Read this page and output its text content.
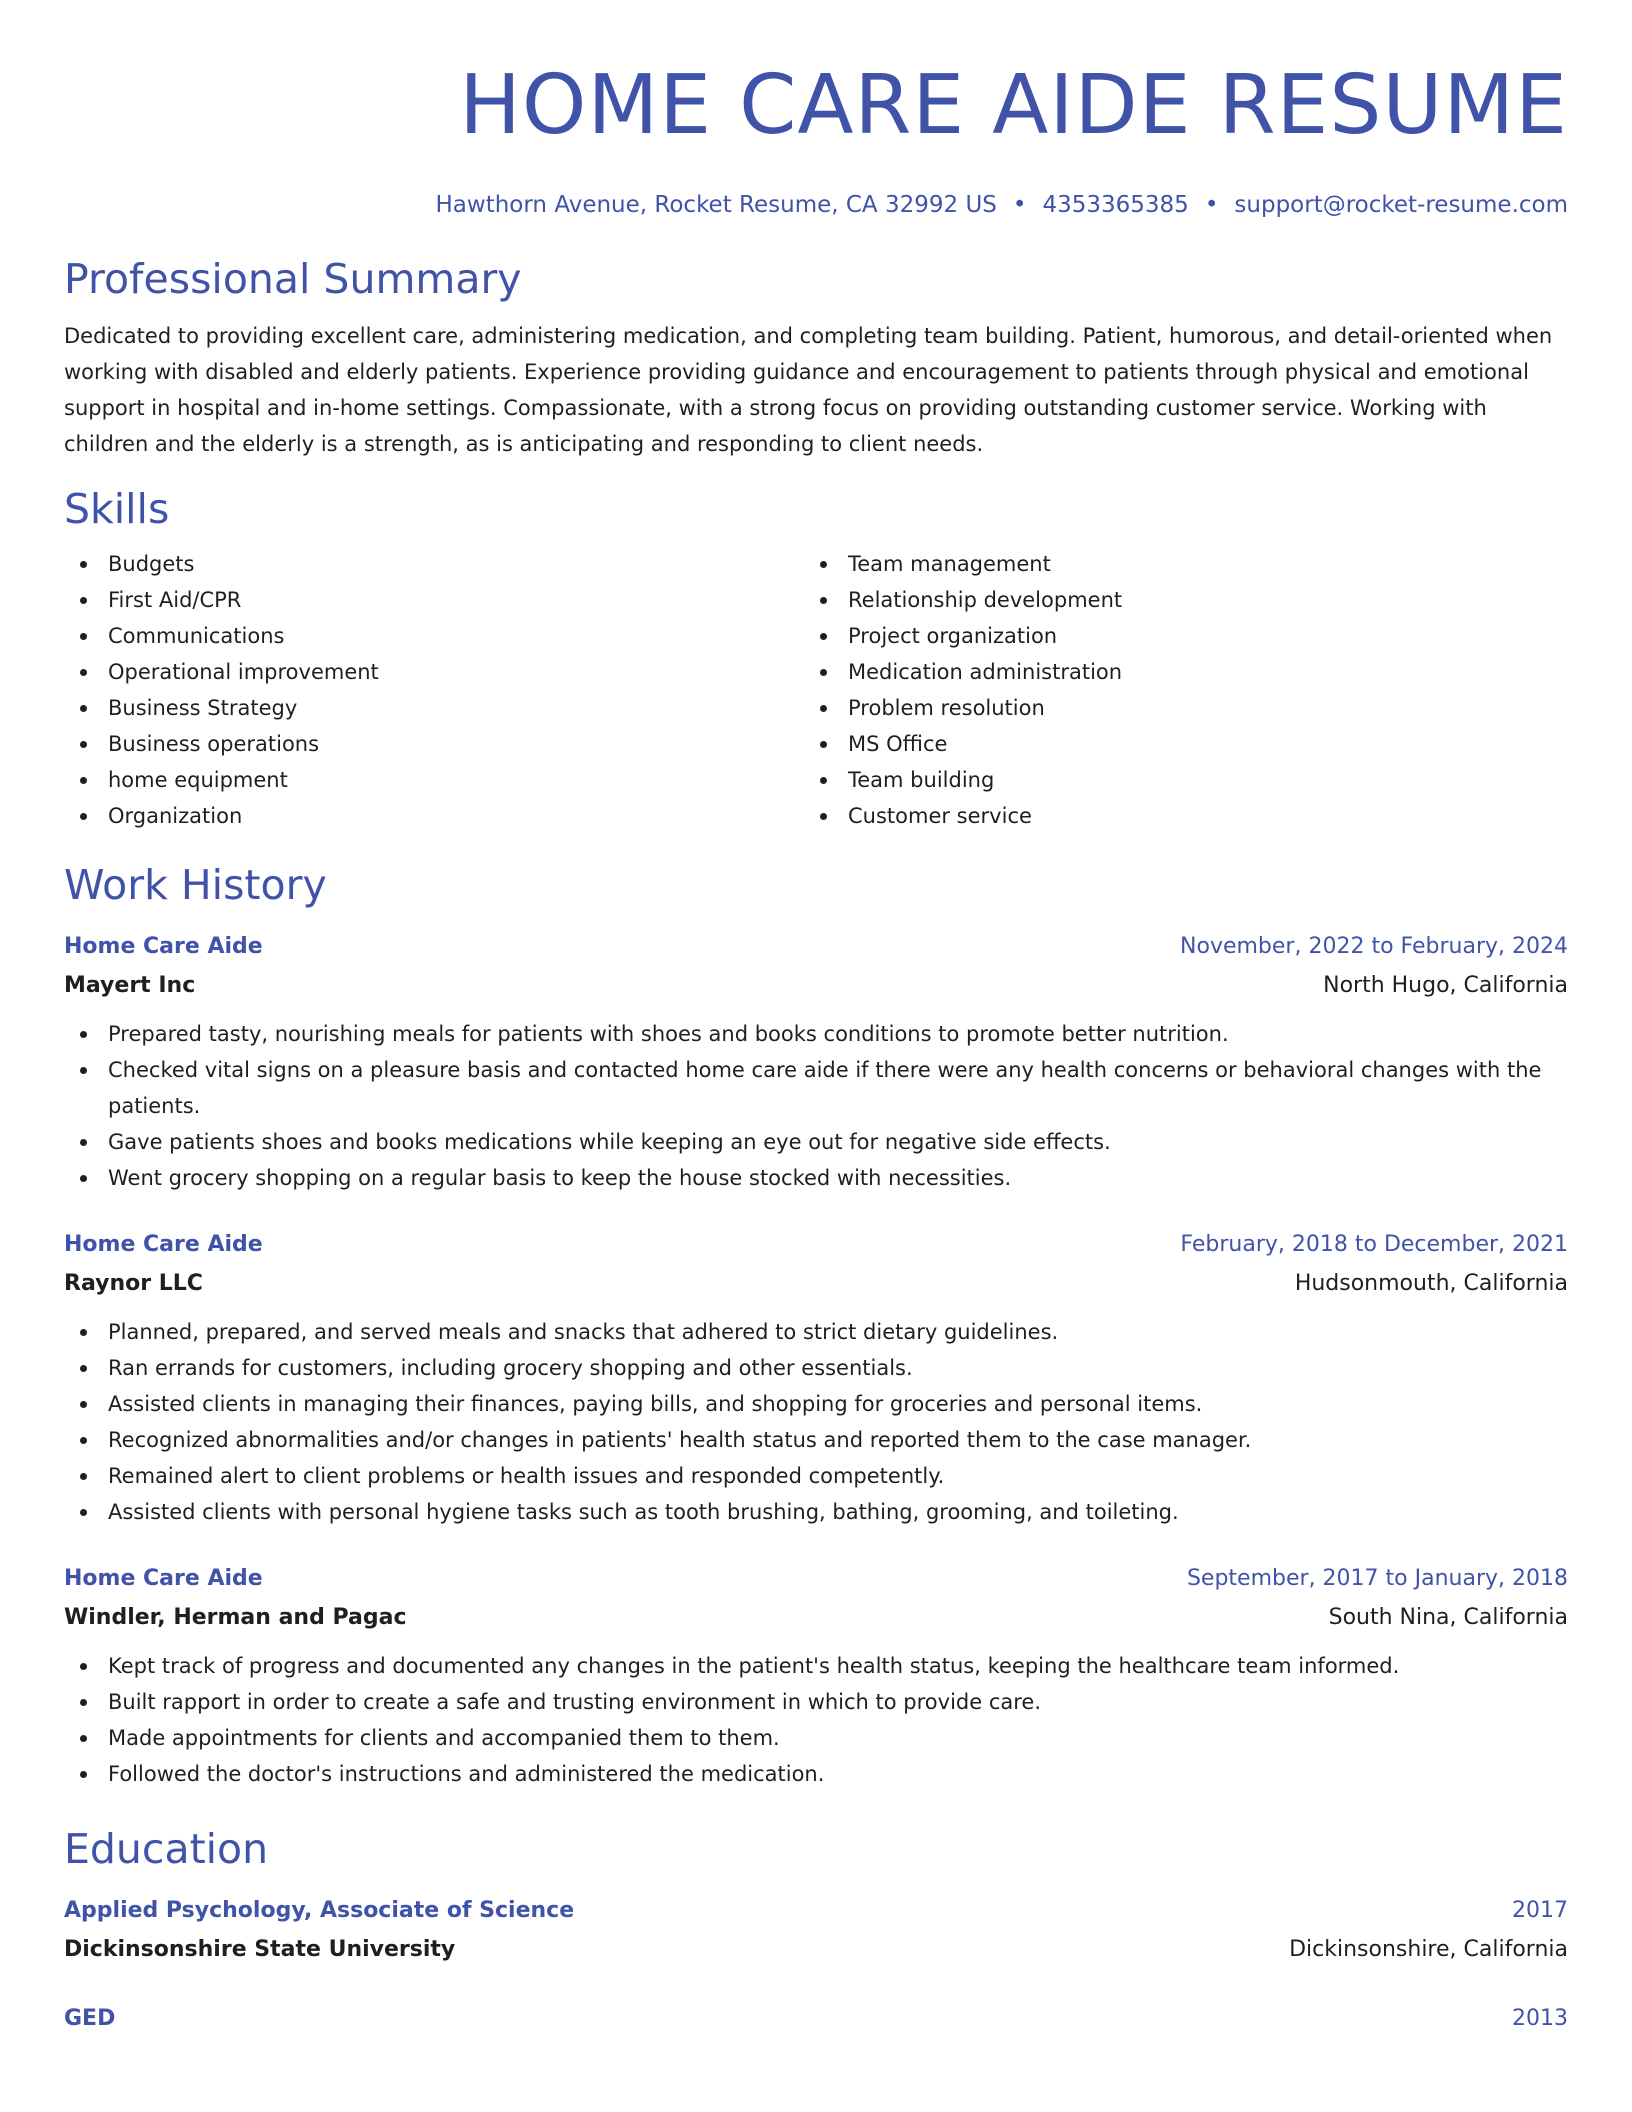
HOME CARE AIDE RESUME
Hawthorn Avenue, Rocket Resume, CA 32992 US • 4353365385 • support@rocket-resume.com
Professional Summary
Dedicated to providing excellent care, administering medication, and completing team building. Patient, humorous, and detail-oriented when working with disabled and elderly patients. Experience providing guidance and encouragement to patients through physical and emotional support in hospital and in-home settings. Compassionate, with a strong focus on providing outstanding customer service. Working with children and the elderly is a strength, as is anticipating and responding to client needs.
Skills
Budgets
First Aid/CPR
Communications
Operational improvement
Business Strategy
Business operations
home equipment
Organization
Team management
Relationship development
Project organization
Medication administration
Problem resolution
MS Office
Team building
Customer service
Work History
Home Care Aide	November, 2022 to February, 2024
Mayert Inc	North Hugo, California
Prepared tasty, nourishing meals for patients with shoes and books conditions to promote better nutrition.
Checked vital signs on a pleasure basis and contacted home care aide if there were any health concerns or behavioral changes with the patients.
Gave patients shoes and books medications while keeping an eye out for negative side effects.
Went grocery shopping on a regular basis to keep the house stocked with necessities.
Home Care Aide	February, 2018 to December, 2021
Raynor LLC	Hudsonmouth, California
Planned, prepared, and served meals and snacks that adhered to strict dietary guidelines.
Ran errands for customers, including grocery shopping and other essentials.
Assisted clients in managing their finances, paying bills, and shopping for groceries and personal items.
Recognized abnormalities and/or changes in patients' health status and reported them to the case manager.
Remained alert to client problems or health issues and responded competently.
Assisted clients with personal hygiene tasks such as tooth brushing, bathing, grooming, and toileting.
Home Care Aide	September, 2017 to January, 2018
Windler, Herman and Pagac	South Nina, California
Kept track of progress and documented any changes in the patient's health status, keeping the healthcare team informed.
Built rapport in order to create a safe and trusting environment in which to provide care.
Made appointments for clients and accompanied them to them.
Followed the doctor's instructions and administered the medication.
Education
Applied Psychology, Associate of Science	2017
Dickinsonshire State University	Dickinsonshire, California
GED	2013
